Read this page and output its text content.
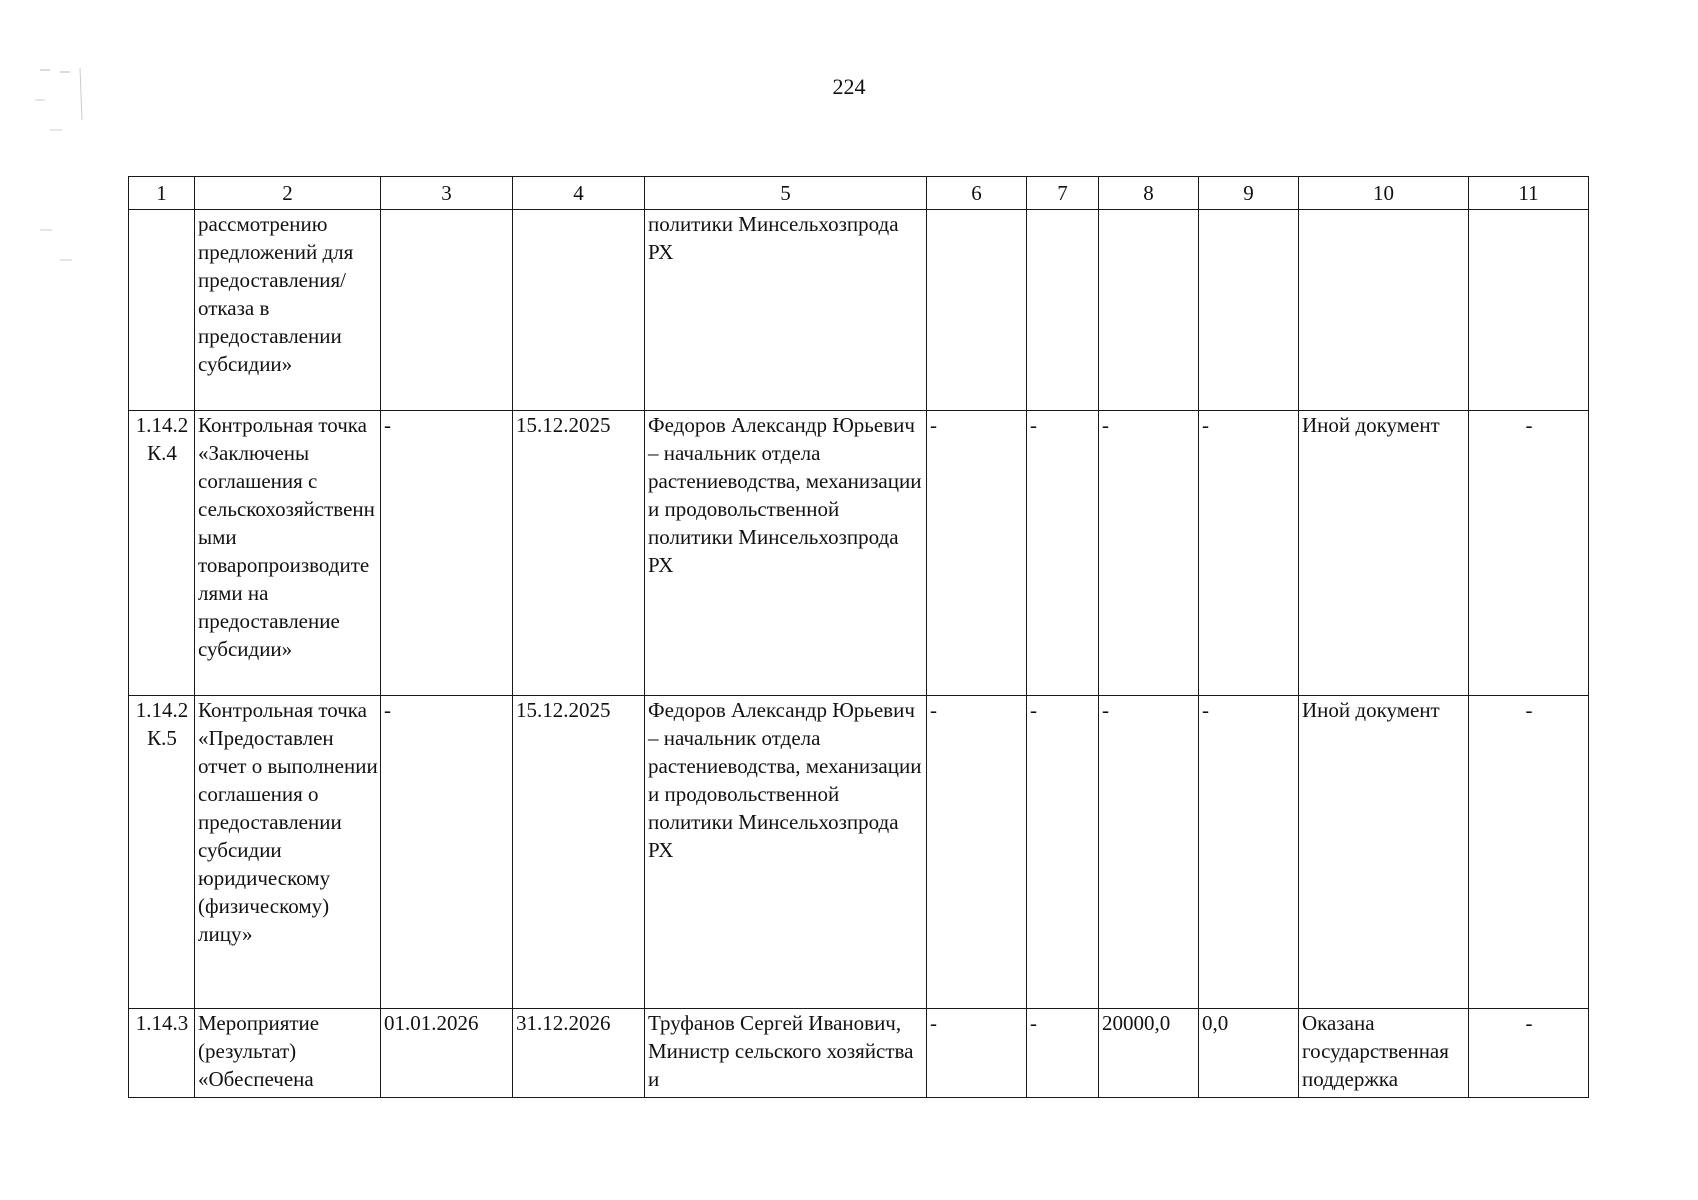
224
1	2	3	4	5	6	7	8	9	10	11
	рассмотрению предложений для предоставления/ отказа в предоставлении субсидии»			политики Минсельхозпрода РХ						
1.14.2 К.4	Контрольная точка «Заключены соглашения с сельскохозяйственными товаропроизводителями на предоставление субсидии»	-	15.12.2025	Федоров Александр Юрьевич – начальник отдела растениеводства, механизации и продовольственной политики Минсельхозпрода РХ	-	-	-	-	Иной документ	-
1.14.2 К.5	Контрольная точка «Предоставлен отчет о выполнении соглашения о предоставлении субсидии юридическому (физическому) лицу»	-	15.12.2025	Федоров Александр Юрьевич – начальник отдела растениеводства, механизации и продовольственной политики Минсельхозпрода РХ	-	-	-	-	Иной документ	-
1.14.3	Мероприятие (результат) «Обеспечена	01.01.2026	31.12.2026	Труфанов Сергей Иванович, Министр сельского хозяйства и	-	-	20000,0	0,0	Оказана государственная поддержка	-
